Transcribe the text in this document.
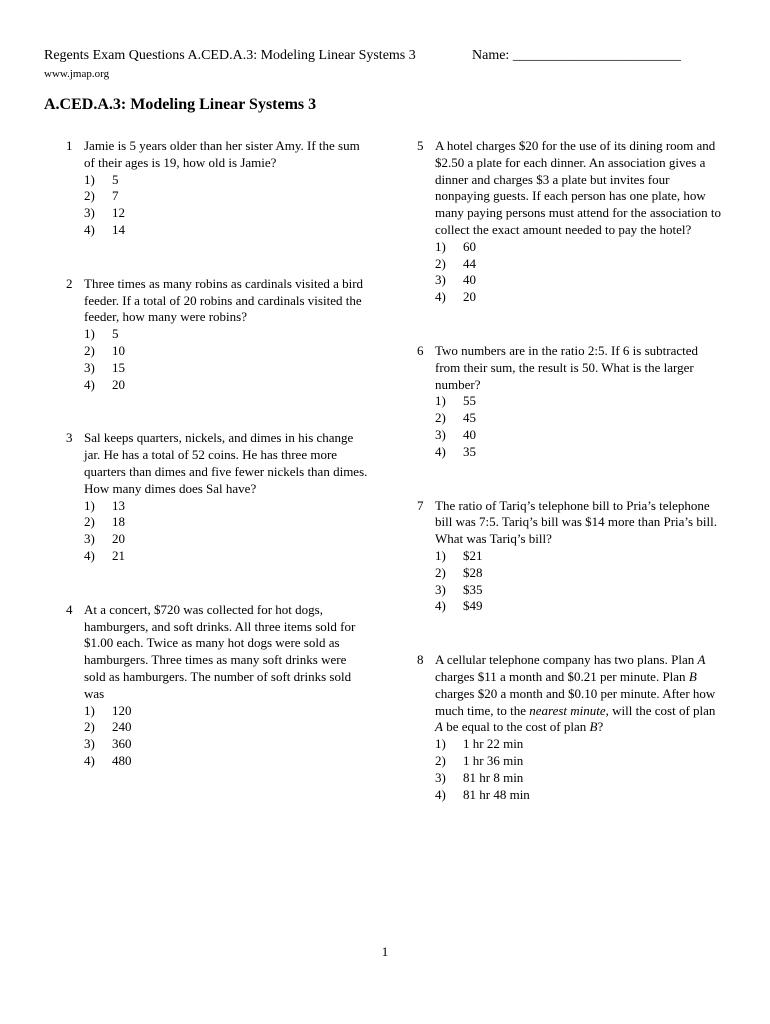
Regents Exam Questions A.CED.A.3: Modeling Linear Systems 3	Name: ________________________
www.jmap.org
A.CED.A.3: Modeling Linear Systems 3
1 Jamie is 5 years older than her sister Amy. If the sum of their ages is 19, how old is Jamie?

1)	5
2)	7
3)	12
4)	14
2 Three times as many robins as cardinals visited a bird feeder. If a total of 20 robins and cardinals visited the feeder, how many were robins?

1)	5
2)	10
3)	15
4)	20
3 Sal keeps quarters, nickels, and dimes in his change jar. He has a total of 52 coins. He has three more quarters than dimes and five fewer nickels than dimes. How many dimes does Sal have?

1)	13
2)	18
3)	20
4)	21
4 At a concert, $720 was collected for hot dogs, hamburgers, and soft drinks. All three items sold for $1.00 each. Twice as many hot dogs were sold as hamburgers. Three times as many soft drinks were sold as hamburgers. The number of soft drinks sold was

1)	120
2)	240
3)	360
4)	480
5 A hotel charges $20 for the use of its dining room and $2.50 a plate for each dinner. An association gives a dinner and charges $3 a plate but invites four nonpaying guests. If each person has one plate, how many paying persons must attend for the association to collect the exact amount needed to pay the hotel?

1)	60
2)	44
3)	40
4)	20
6 Two numbers are in the ratio 2:5. If 6 is subtracted from their sum, the result is 50. What is the larger number?

1)	55
2)	45
3)	40
4)	35
7 The ratio of Tariq’s telephone bill to Pria’s telephone bill was 7:5. Tariq’s bill was $14 more than Pria’s bill. What was Tariq’s bill?

1)	$21
2)	$28
3)	$35
4)	$49
8 A cellular telephone company has two plans. Plan A charges $11 a month and $0.21 per minute. Plan B charges $20 a month and $0.10 per minute. After how much time, to the nearest minute, will the cost of plan A be equal to the cost of plan B?

1)	1 hr 22 min
2)	1 hr 36 min
3)	81 hr 8 min
4)	81 hr 48 min
1
